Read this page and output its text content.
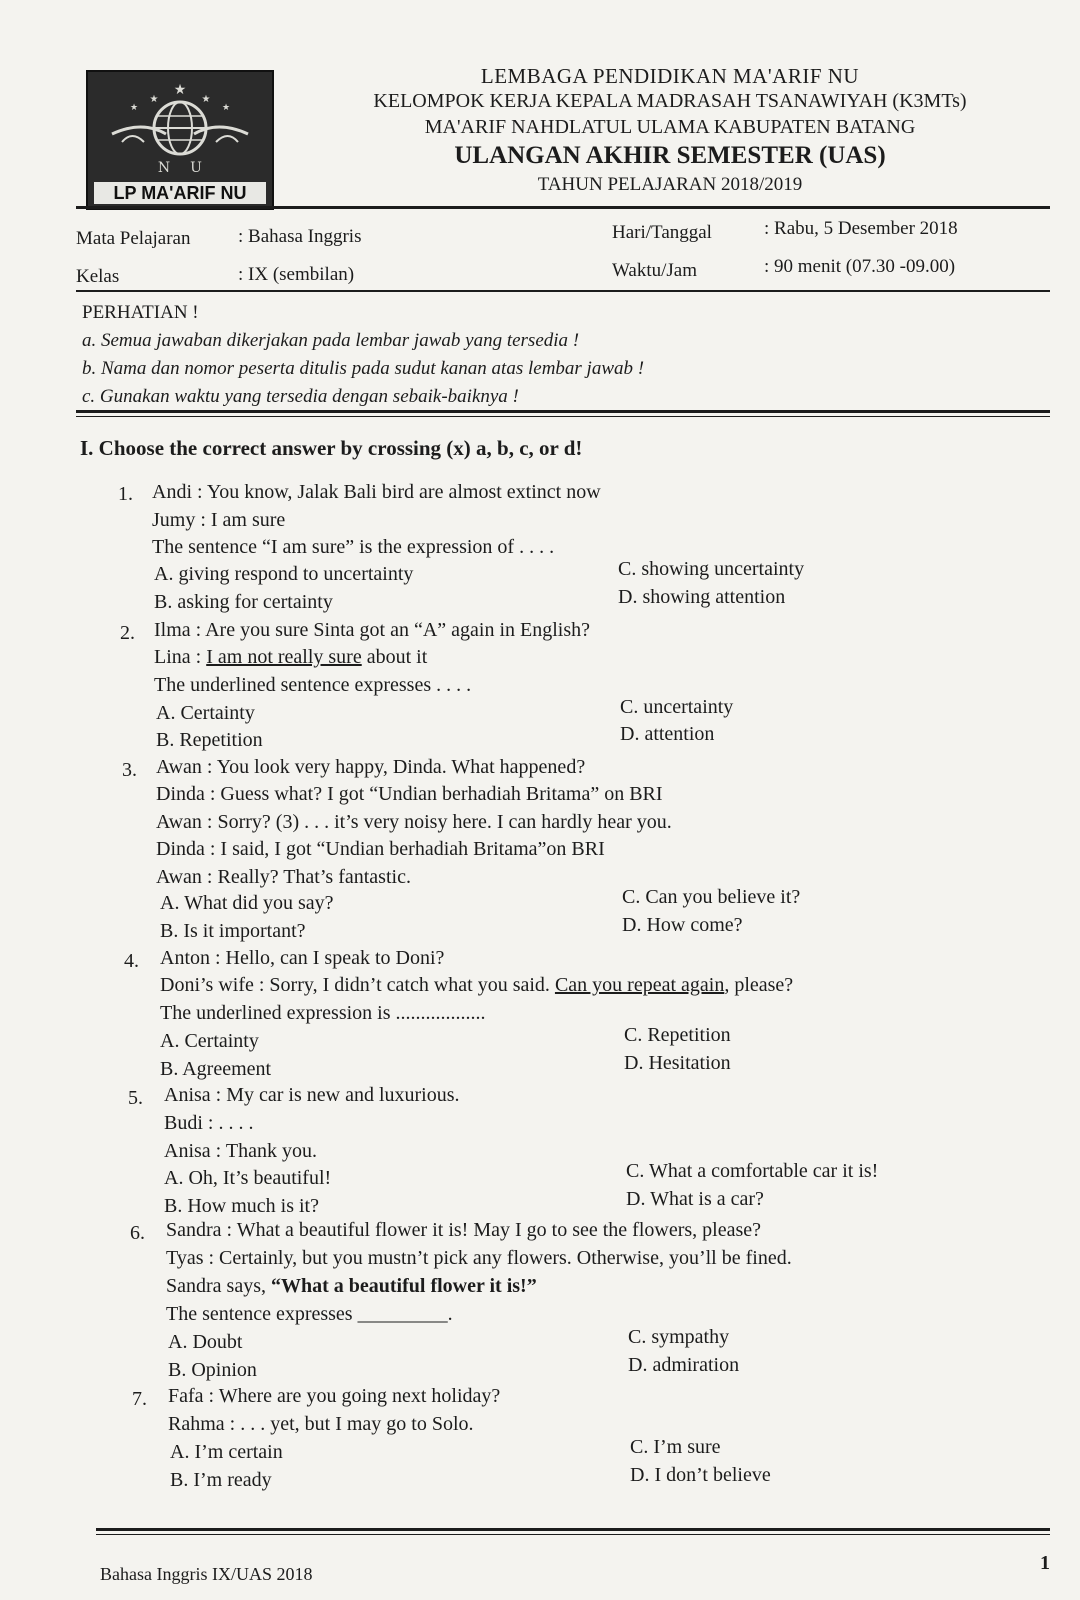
★
★	★
★	★
N U
LP MA'ARIF NU
LEMBAGA PENDIDIKAN MA'ARIF NU
KELOMPOK KERJA KEPALA MADRASAH TSANAWIYAH (K3MTs)
MA'ARIF NAHDLATUL ULAMA KABUPATEN BATANG
ULANGAN AKHIR SEMESTER (UAS)
TAHUN PELAJARAN 2018/2019
Mata Pelajaran	: Bahasa Inggris
Kelas	: IX (sembilan)
Hari/Tanggal	: Rabu, 5 Desember 2018
Waktu/Jam	: 90 menit (07.30 -09.00)
PERHATIAN !
a. Semua jawaban dikerjakan pada lembar jawab yang tersedia !
b. Nama dan nomor peserta ditulis pada sudut kanan atas lembar jawab !
c. Gunakan waktu yang tersedia dengan sebaik-baiknya !
I. Choose the correct answer by crossing (x) a, b, c, or d!
1. Andi : You know, Jalak Bali bird are almost extinct now
Jumy : I am sure
The sentence “I am sure” is the expression of . . . .
A. giving respond to uncertainty
B. asking for certainty
C. showing uncertainty
D. showing attention
2. Ilma : Are you sure Sinta got an “A” again in English?
Lina : I am not really sure about it
The underlined sentence expresses . . . .
A. Certainty
B. Repetition
C. uncertainty
D. attention
3. Awan : You look very happy, Dinda. What happened?
Dinda : Guess what? I got “Undian berhadiah Britama” on BRI
Awan : Sorry? (3) . . . it’s very noisy here. I can hardly hear you.
Dinda : I said, I got “Undian berhadiah Britama”on BRI
Awan : Really? That’s fantastic.
A. What did you say?
B. Is it important?
C. Can you believe it?
D. How come?
4. Anton : Hello, can I speak to Doni?
Doni’s wife : Sorry, I didn’t catch what you said. Can you repeat again, please?
The underlined expression is ..................
A. Certainty
B. Agreement
C. Repetition
D. Hesitation
5. Anisa : My car is new and luxurious.
Budi : . . . .
Anisa : Thank you.
A. Oh, It’s beautiful!
B. How much is it?
C. What a comfortable car it is!
D. What is a car?
6. Sandra : What a beautiful flower it is! May I go to see the flowers, please?
Tyas : Certainly, but you mustn’t pick any flowers. Otherwise, you’ll be fined.
Sandra says, “What a beautiful flower it is!”
The sentence expresses _________.
A. Doubt
B. Opinion
C. sympathy
D. admiration
7. Fafa : Where are you going next holiday?
Rahma : . . . yet, but I may go to Solo.
A. I’m certain
B. I’m ready
C. I’m sure
D. I don’t believe
Bahasa Inggris IX/UAS 2018	1
